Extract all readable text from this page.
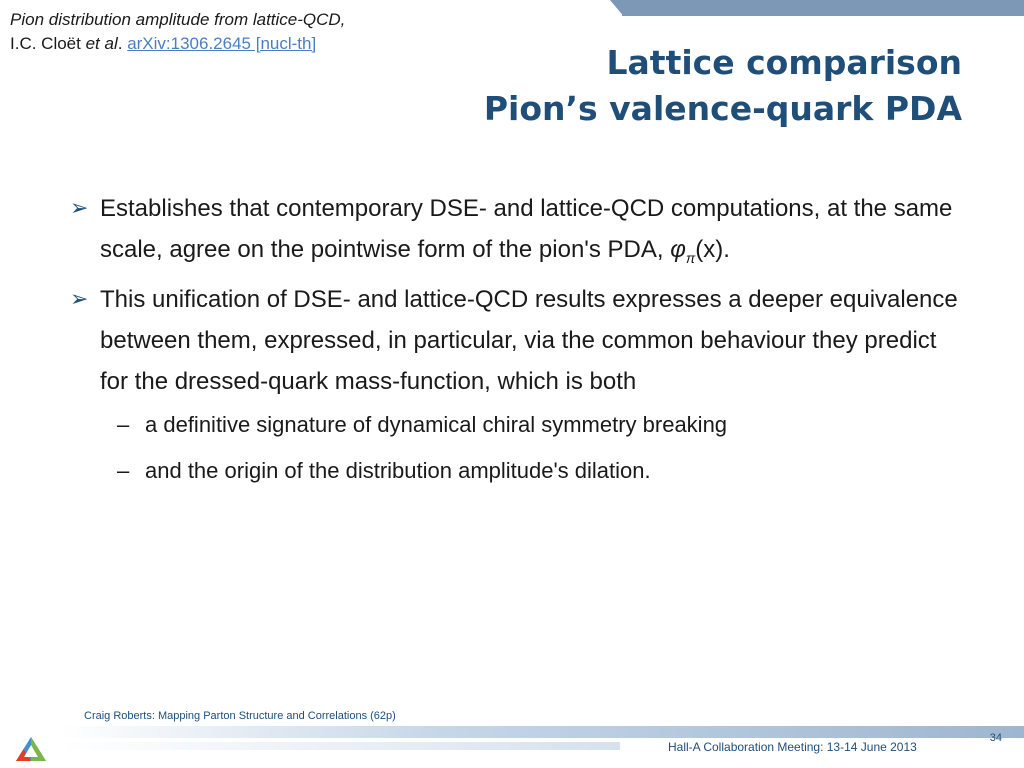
Pion distribution amplitude from lattice-QCD,
I.C. Cloët et al. arXiv:1306.2645 [nucl-th]	Lattice comparison
Pion’s valence-quark PDA
➢ Establishes that contemporary DSE- and lattice-QCD computations, at the same scale, agree on the pointwise form of the pion's PDA, $\varphi_\pi(x)$.
➢ This unification of DSE- and lattice-QCD results expresses a deeper equivalence between them, expressed, in particular, via the common behaviour they predict for the dressed-quark mass-function, which is both
– a definitive signature of dynamical chiral symmetry breaking
– and the origin of the distribution amplitude's dilation.
Craig Roberts: Mapping Parton Structure and Correlations (62p)
Hall-A Collaboration Meeting: 13-14 June 2013
34
